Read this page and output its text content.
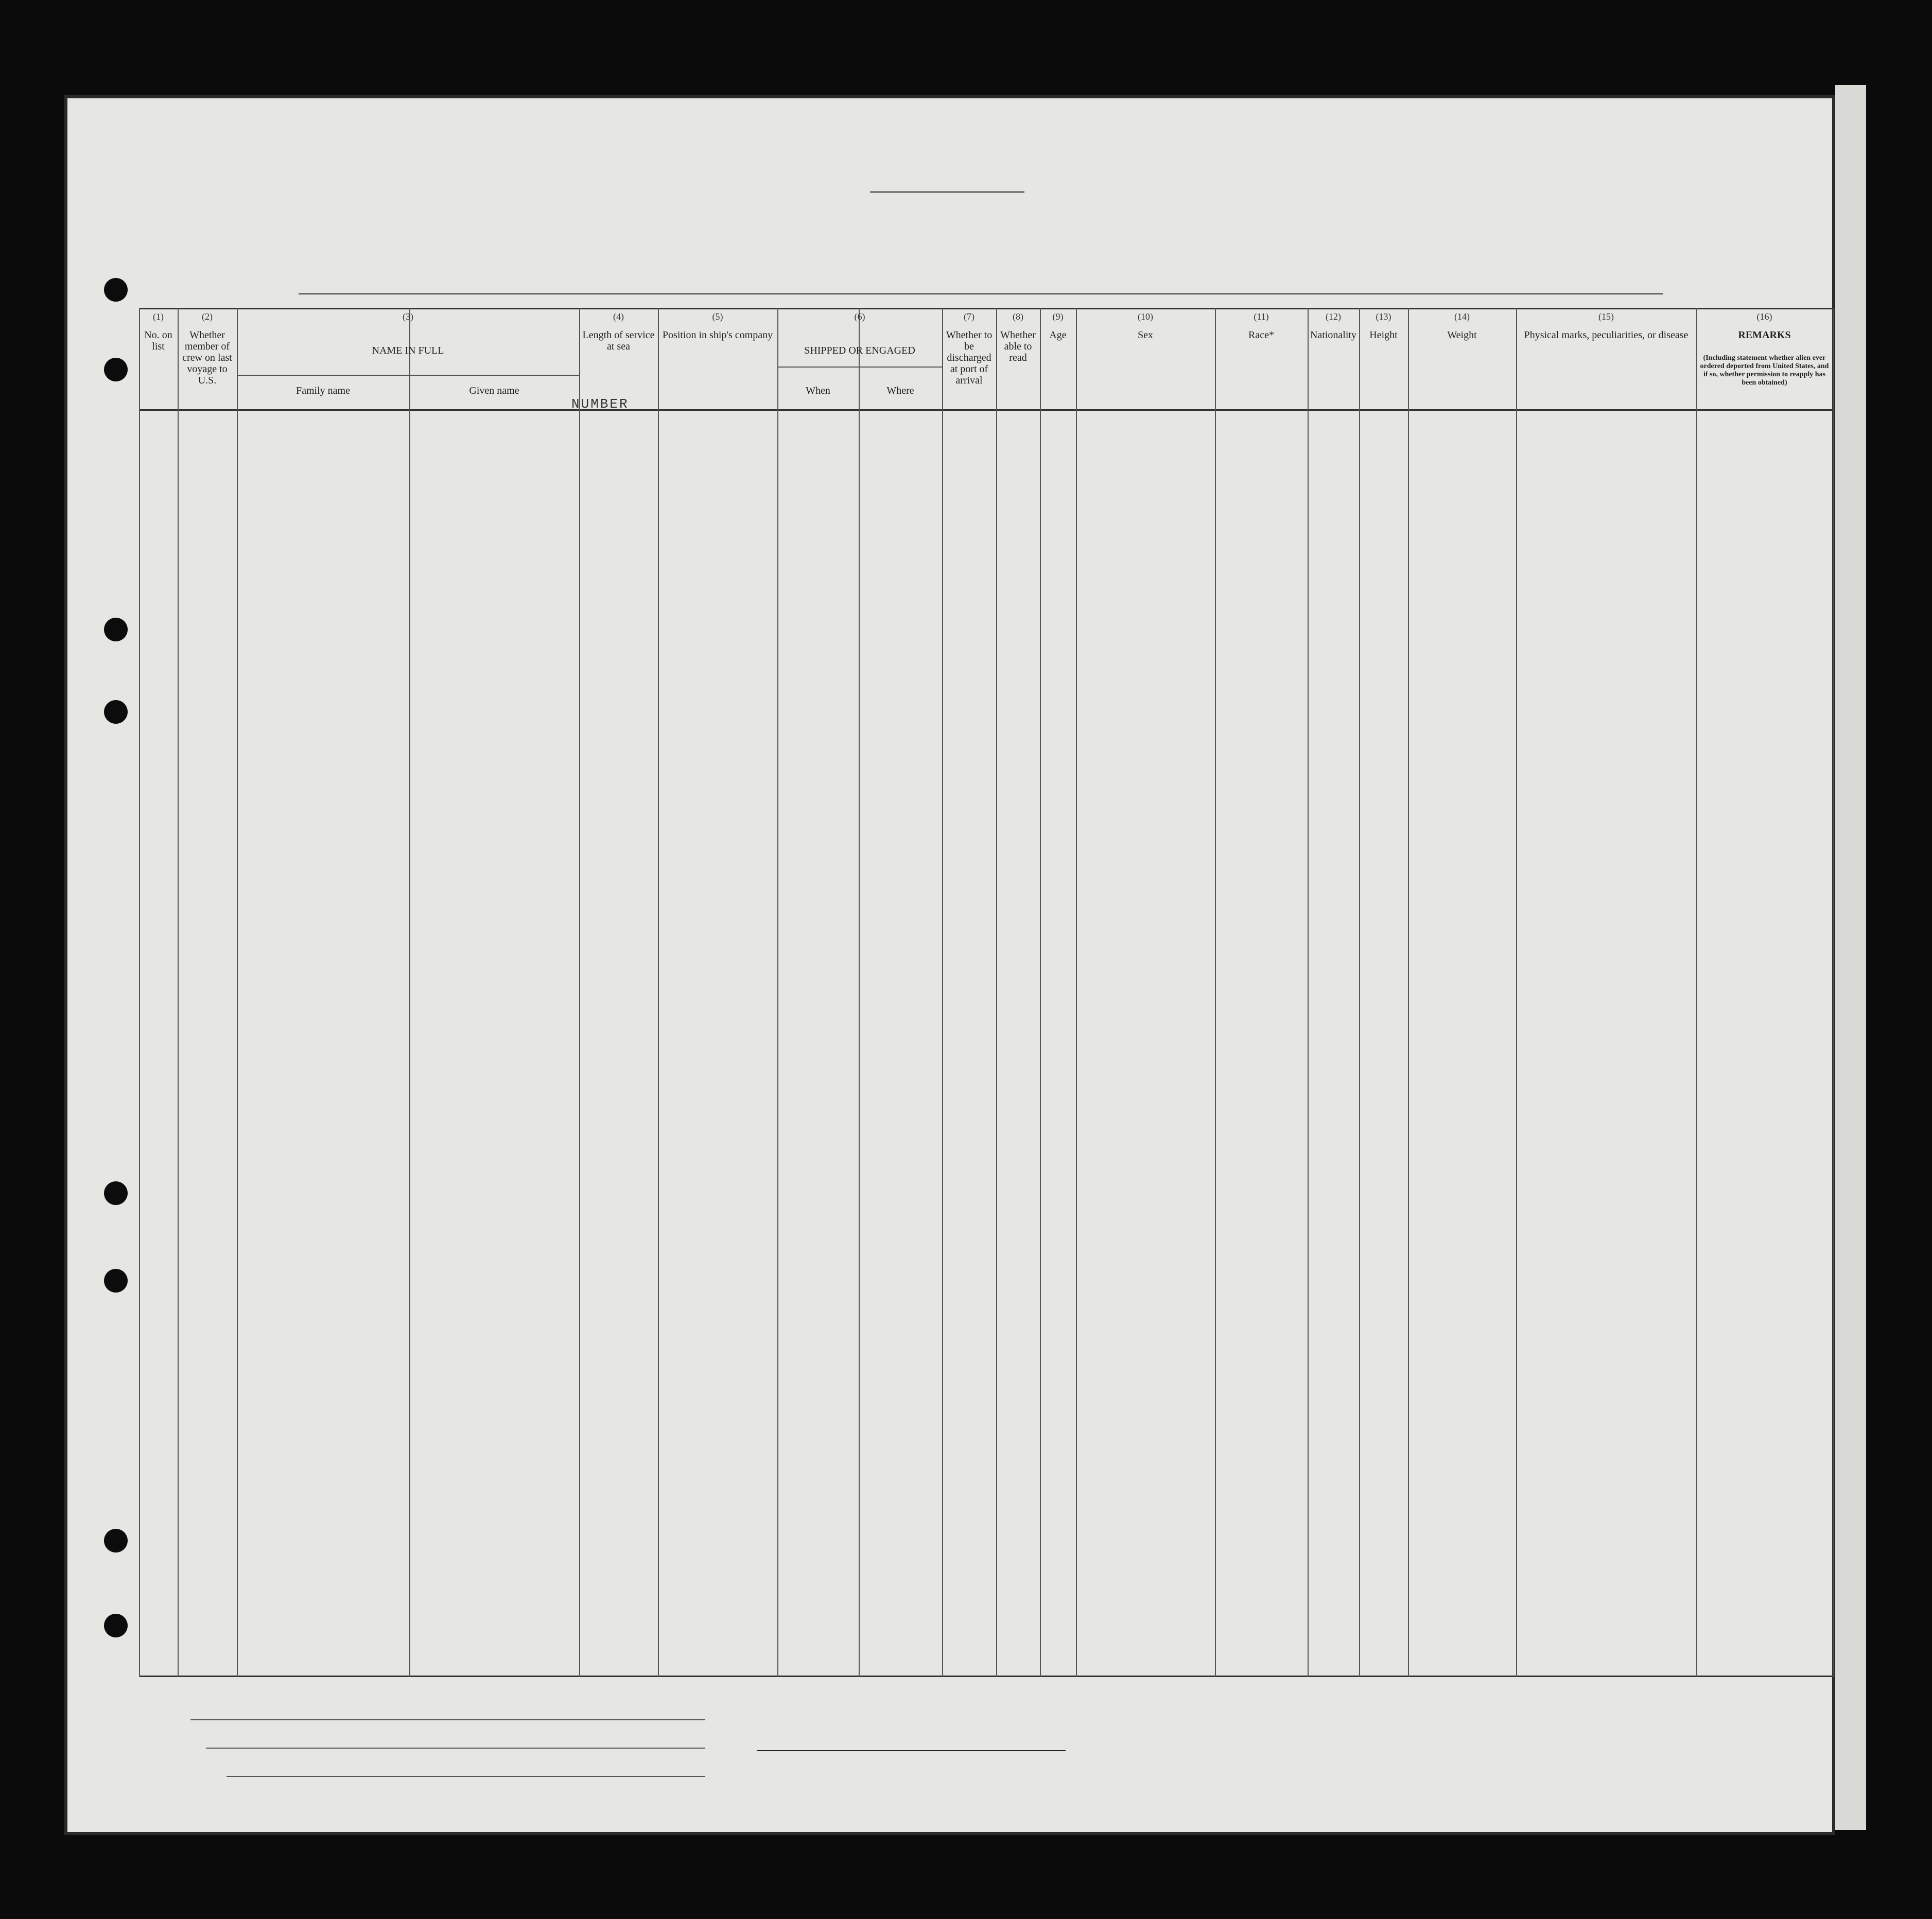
(1)
No. on list
(2)
Whether member of crew on last voyage to U.S.
(3)
NAME IN FULL
Family name	Given name
(4)
Length of service at sea
NUMBER
(5)
Position in ship's company
(6)
SHIPPED OR ENGAGED
When	Where
(7)
Whether to be discharged at port of arrival
(8)
Whether able to read
(9)
Age
(10)
Sex
(11)
Race*
(12)
Nationality
(13)
Height
(14)
Weight
(15)
Physical marks, peculiarities, or disease
(16)
REMARKS
(Including statement whether alien ever ordered deported from United States, and if so, whether permission to reapply has been obtained)
